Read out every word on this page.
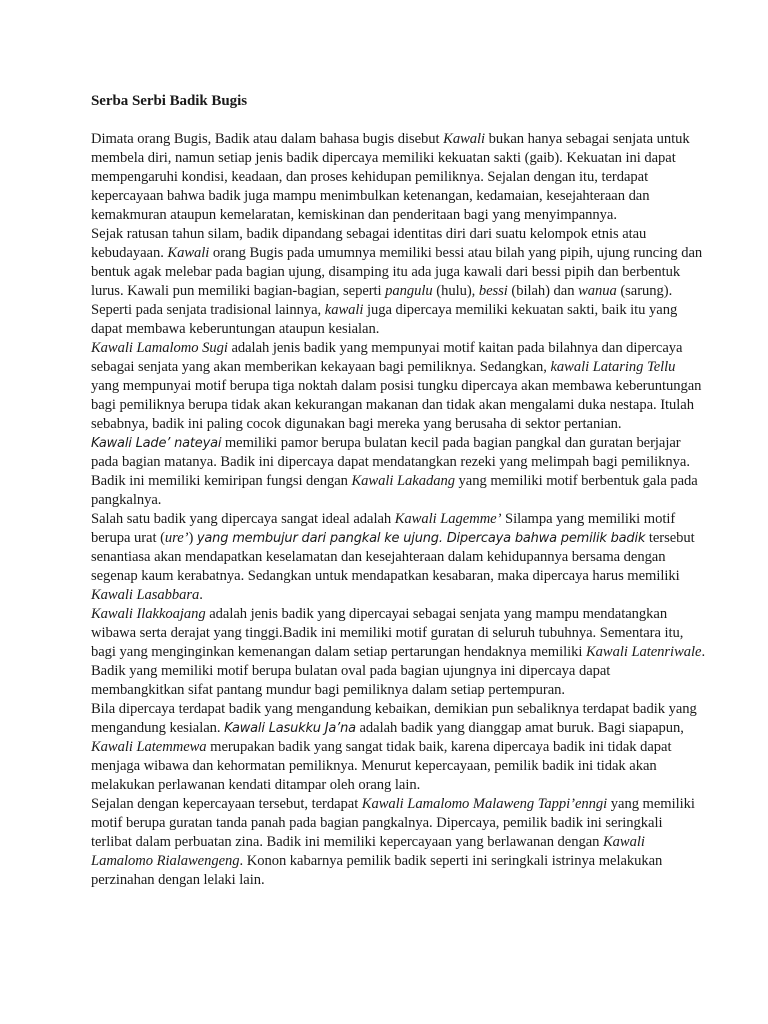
Serba Serbi Badik Bugis

Dimata orang Bugis, Badik atau dalam bahasa bugis disebut Kawali bukan hanya sebagai senjata untuk membela diri, namun setiap jenis badik dipercaya memiliki kekuatan sakti (gaib). Kekuatan ini dapat mempengaruhi kondisi, keadaan, dan proses kehidupan pemiliknya. Sejalan dengan itu, terdapat kepercayaan bahwa badik juga mampu menimbulkan ketenangan, kedamaian, kesejahteraan dan kemakmuran ataupun kemelaratan, kemiskinan dan penderitaan bagi yang menyimpannya.

Sejak ratusan tahun silam, badik dipandang sebagai identitas diri dari suatu kelompok etnis atau kebudayaan. Kawali orang Bugis pada umumnya memiliki bessi atau bilah yang pipih, ujung runcing dan bentuk agak melebar pada bagian ujung, disamping itu ada juga kawali dari bessi pipih dan berbentuk lurus. Kawali pun memiliki bagian-bagian, seperti pangulu (hulu), bessi (bilah) dan wanua (sarung). Seperti pada senjata tradisional lainnya, kawali juga dipercaya memiliki kekuatan sakti, baik itu yang dapat membawa keberuntungan ataupun kesialan.

Kawali Lamalomo Sugi adalah jenis badik yang mempunyai motif kaitan pada bilahnya dan dipercaya sebagai senjata yang akan memberikan kekayaan bagi pemiliknya. Sedangkan, kawali Lataring Tellu yang mempunyai motif berupa tiga noktah dalam posisi tungku dipercaya akan membawa keberuntungan bagi pemiliknya berupa tidak akan kekurangan makanan dan tidak akan mengalami duka nestapa. Itulah sebabnya, badik ini paling cocok digunakan bagi mereka yang berusaha di sektor pertanian.

Kawali Lade’ nateyai memiliki pamor berupa bulatan kecil pada bagian pangkal dan guratan berjajar pada bagian matanya. Badik ini dipercaya dapat mendatangkan rezeki yang melimpah bagi pemiliknya. Badik ini memiliki kemiripan fungsi dengan Kawali Lakadang yang memiliki motif berbentuk gala pada pangkalnya.

Salah satu badik yang dipercaya sangat ideal adalah Kawali Lagemme’ Silampa yang memiliki motif berupa urat (ure’) yang membujur dari pangkal ke ujung. Dipercaya bahwa pemilik badik tersebut senantiasa akan mendapatkan keselamatan dan kesejahteraan dalam kehidupannya bersama dengan segenap kaum kerabatnya. Sedangkan untuk mendapatkan kesabaran, maka dipercaya harus memiliki Kawali Lasabbara.

Kawali Ilakkoajang adalah jenis badik yang dipercayai sebagai senjata yang mampu mendatangkan wibawa serta derajat yang tinggi.Badik ini memiliki motif guratan di seluruh tubuhnya. Sementara itu, bagi yang menginginkan kemenangan dalam setiap pertarungan hendaknya memiliki Kawali Latenriwale. Badik yang memiliki motif berupa bulatan oval pada bagian ujungnya ini dipercaya dapat membangkitkan sifat pantang mundur bagi pemiliknya dalam setiap pertempuran.

Bila dipercaya terdapat badik yang mengandung kebaikan, demikian pun sebaliknya terdapat badik yang mengandung kesialan. Kawali Lasukku Ja’na adalah badik yang dianggap amat buruk. Bagi siapapun, Kawali Latemmewa merupakan badik yang sangat tidak baik, karena dipercaya badik ini tidak dapat menjaga wibawa dan kehormatan pemiliknya. Menurut kepercayaan, pemilik badik ini tidak akan melakukan perlawanan kendati ditampar oleh orang lain.

Sejalan dengan kepercayaan tersebut, terdapat Kawali Lamalomo Malaweng Tappi’enngi yang memiliki motif berupa guratan tanda panah pada bagian pangkalnya. Dipercaya, pemilik badik ini seringkali terlibat dalam perbuatan zina. Badik ini memiliki kepercayaan yang berlawanan dengan Kawali Lamalomo Rialawengeng. Konon kabarnya pemilik badik seperti ini seringkali istrinya melakukan perzinahan dengan lelaki lain.
